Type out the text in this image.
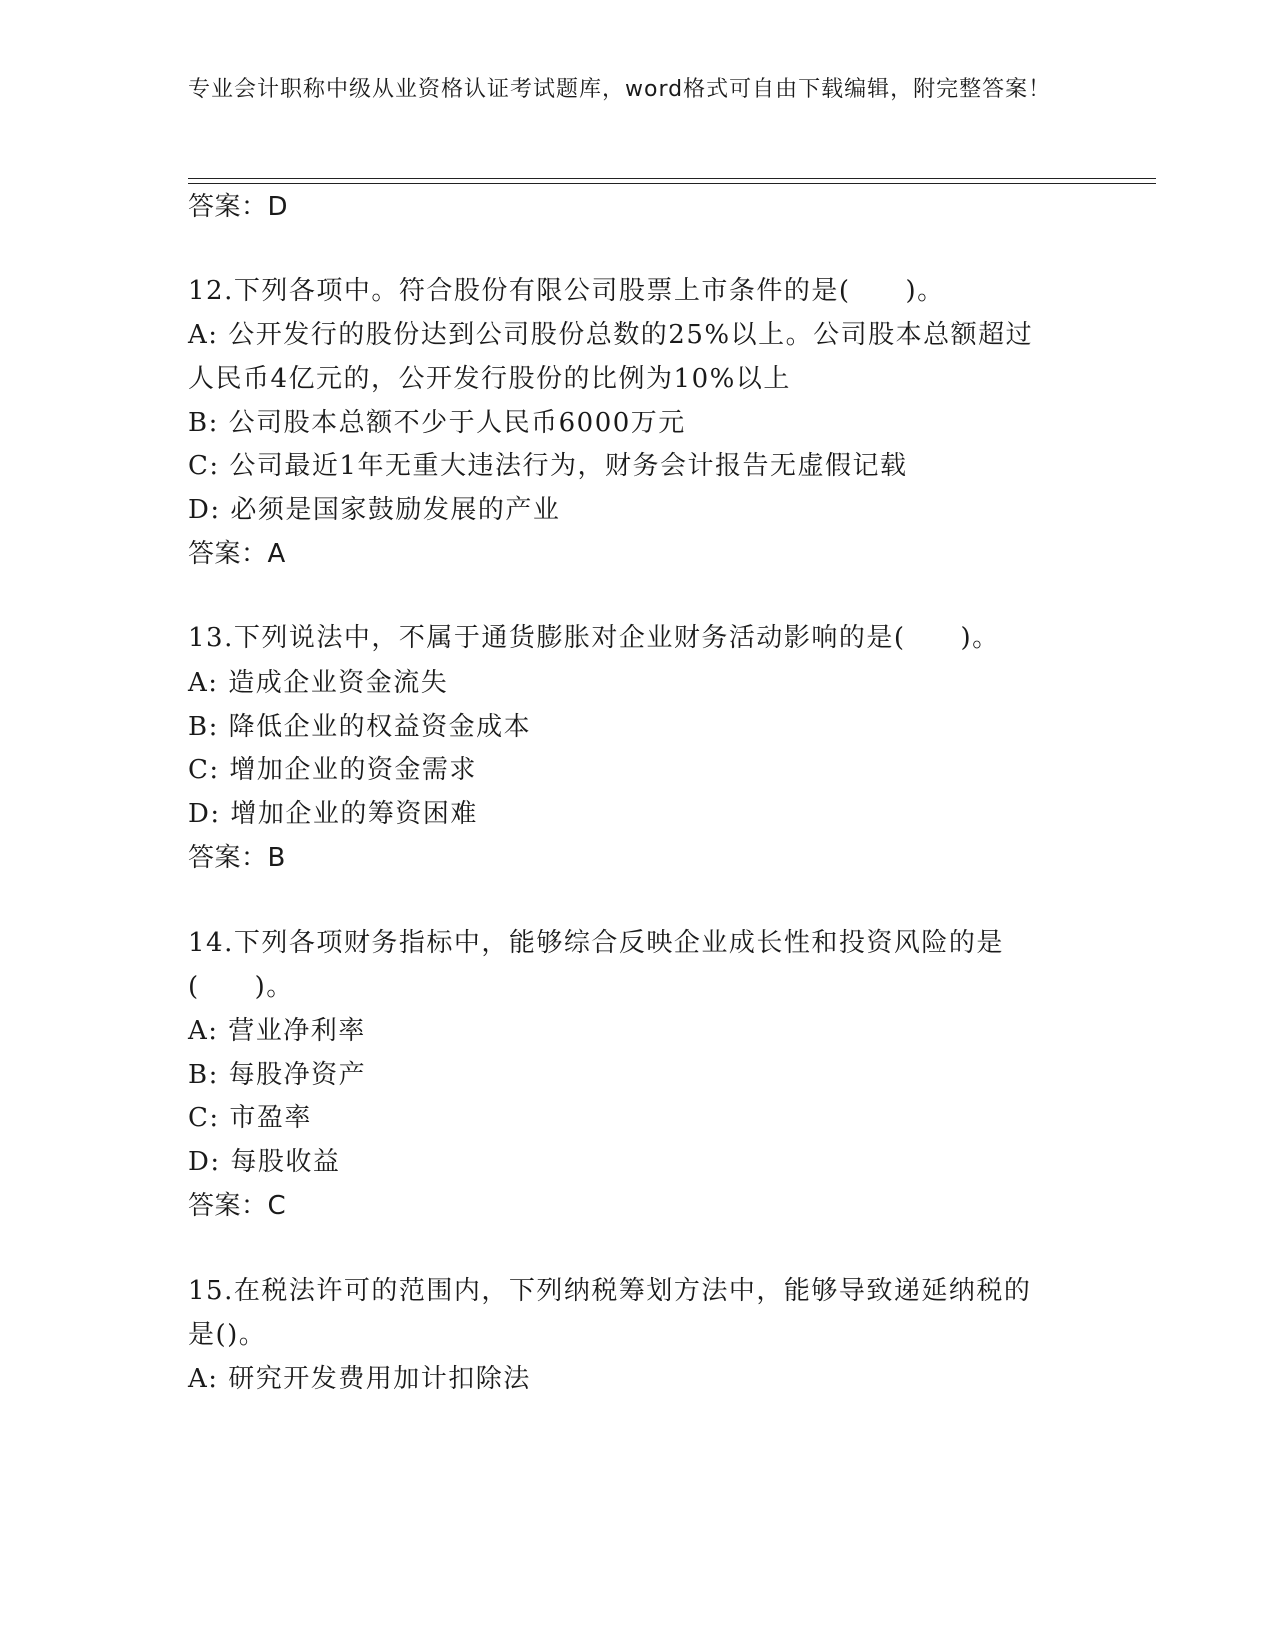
专业会计职称中级从业资格认证考试题库，word格式可自由下载编辑，附完整答案！

答案：D

12.下列各项中。符合股份有限公司股票上市条件的是(　　)。

A: 公开发行的股份达到公司股份总数的25%以上。公司股本总额超过

人民币4亿元的，公开发行股份的比例为10%以上

B: 公司股本总额不少于人民币6000万元

C: 公司最近1年无重大违法行为，财务会计报告无虚假记载

D: 必须是国家鼓励发展的产业

答案：A

13.下列说法中，不属于通货膨胀对企业财务活动影响的是(　　)。

A: 造成企业资金流失

B: 降低企业的权益资金成本

C: 增加企业的资金需求

D: 增加企业的筹资困难

答案：B

14.下列各项财务指标中，能够综合反映企业成长性和投资风险的是

(　　)。

A: 营业净利率

B: 每股净资产

C: 市盈率

D: 每股收益

答案：C

15.在税法许可的范围内，下列纳税筹划方法中，能够导致递延纳税的

是()。

A: 研究开发费用加计扣除法
